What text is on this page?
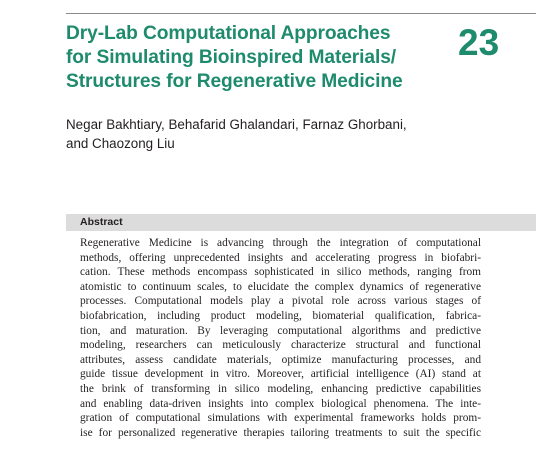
Dry-Lab Computational Approaches
for Simulating Bioinspired Materials/
Structures for Regenerative Medicine
23
Negar Bakhtiary, Behafarid Ghalandari, Farnaz Ghorbani,
and Chaozong Liu
Abstract
Regenerative Medicine is advancing through the integration of computational
methods, offering unprecedented insights and accelerating progress in biofabri-
cation. These methods encompass sophisticated in silico methods, ranging from
atomistic to continuum scales, to elucidate the complex dynamics of regenerative
processes. Computational models play a pivotal role across various stages of
biofabrication, including product modeling, biomaterial qualification, fabrica-
tion, and maturation. By leveraging computational algorithms and predictive
modeling, researchers can meticulously characterize structural and functional
attributes, assess candidate materials, optimize manufacturing processes, and
guide tissue development in vitro. Moreover, artificial intelligence (AI) stand at
the brink of transforming in silico modeling, enhancing predictive capabilities
and enabling data-driven insights into complex biological phenomena. The inte-
gration of computational simulations with experimental frameworks holds prom-
ise for personalized regenerative therapies tailoring treatments to suit the specific
